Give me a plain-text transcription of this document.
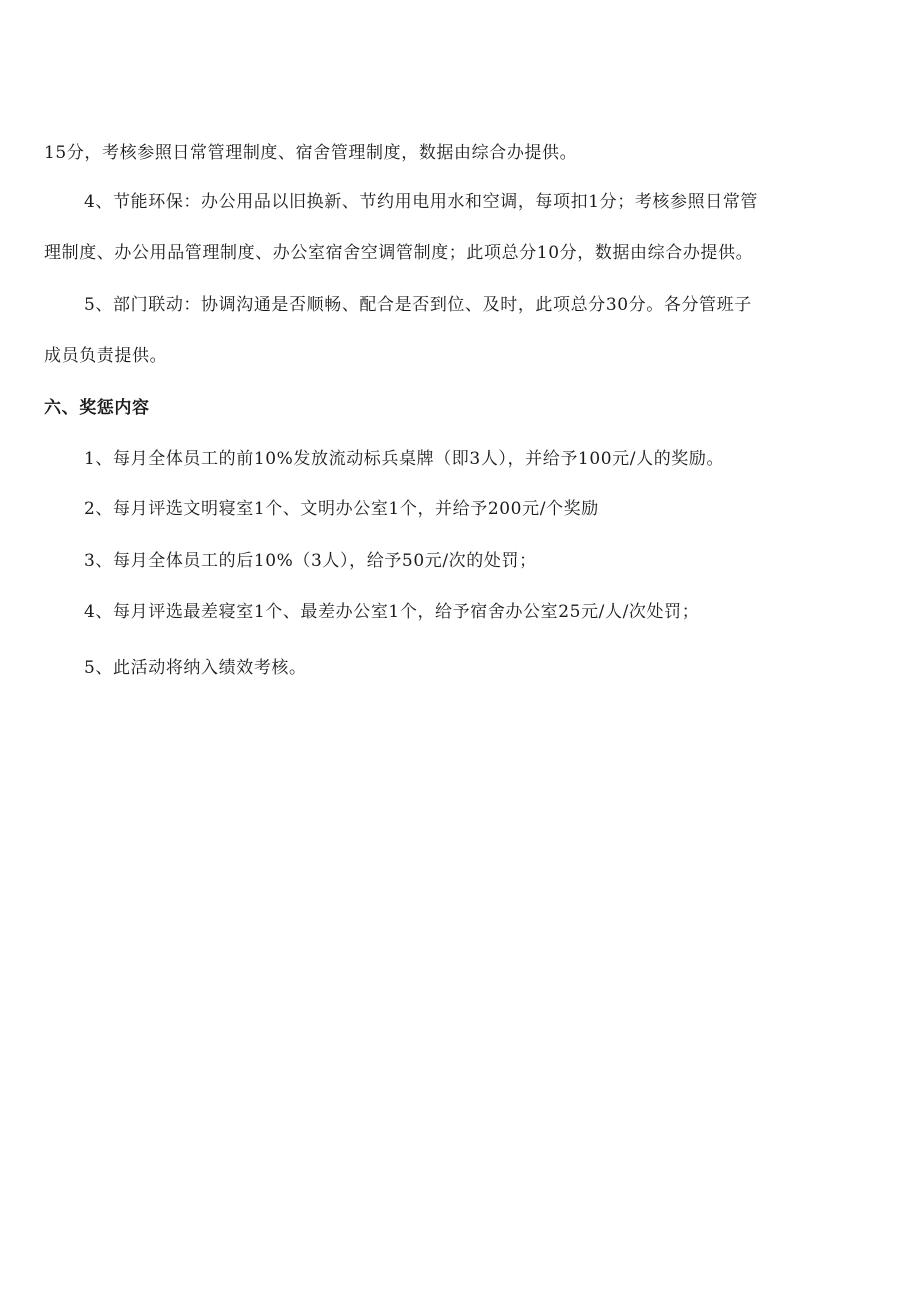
15分，考核参照日常管理制度、宿舍管理制度，数据由综合办提供。
4、节能环保：办公用品以旧换新、节约用电用水和空调，每项扣1分；考核参照日常管
理制度、办公用品管理制度、办公室宿舍空调管制度；此项总分10分，数据由综合办提供。
5、部门联动：协调沟通是否顺畅、配合是否到位、及时，此项总分30分。各分管班子
成员负责提供。
六、奖惩内容
1、每月全体员工的前10%发放流动标兵桌牌（即3人），并给予100元/人的奖励。
2、每月评选文明寝室1个、文明办公室1个，并给予200元/个奖励
3、每月全体员工的后10%（3人），给予50元/次的处罚；
4、每月评选最差寝室1个、最差办公室1个，给予宿舍办公室25元/人/次处罚；
5、此活动将纳入绩效考核。
